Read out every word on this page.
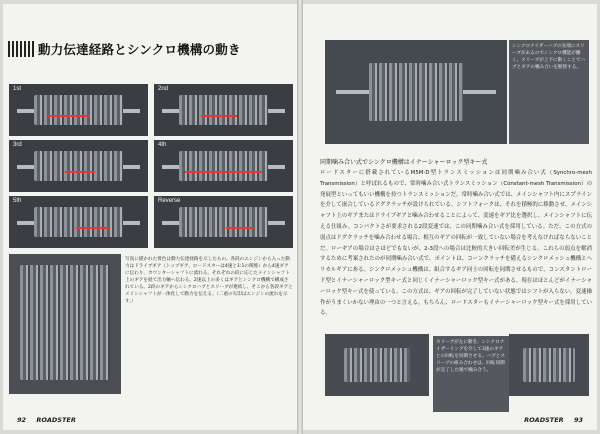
動力伝達経路とシンクロ機構の動き
1st	2nd
3rd	4th
5th	Reverse
写真に描かれた黄色は動力伝達経路を示したもの。各段のエンジンから入った動力はドライブギア（トップギア、ロードスターは4速と1:1の関係）から4速ギアに伝わり、カウンターシャフトに流れる。それぞれの段に応じたメインシャフト上のギアを経て出力軸へ伝わる。2速以上の多くはギアとシンクロ機構で構成されている。2段のギアからシンクロハブとスリーブが連結し、そこから各段ギアとメインシャフトが一体化して動力を伝える。（二重の矢印はエンジンの流れを示す。）
92 ROADSTER
シンクロナイザーハブの先端にスリーブがあるのでシンクロ機能が働く。スリーブが上下に動くことでハブとギアの噛み合いを断接する。
同期噛み合い式でシンクロ機構はイナーシャーロック型キー式
ロードスターに搭載されているM5M-D型トランスミッションは同期噛み合い式（Synchro-mesh Transmission）と呼ばれるもので、常時噛み合い式トランスミッション（Constant-mesh Transmission）の発展型といってもいい機構を持つトランスミッションだ。常時噛み合い式では、メインシャフト内にスプラインを介して嵌合しているドグクラッチが設けられている。シフトフォークは、それを積極的に移動させ、メインシャフト上のギアまたはドライブギアと噛み合わせることによって、変速をギア比を選択し、メインシャフトに伝える仕組み。コンパクトさが要求される2段変速では、この同期噛み合い式を採用している。ただ、この方式の弱点はドグクラッチを噛み合わせる場合、相互のギアの回転が一致していない場合を考えなければならないことだ。ローギアの場合はさほどでもないが、2-3段への場合は比較的大きい回転差が生じる。これらの弱点を解消するために考案されたのが同期噛み合い式で、ポイントは、コーンクラッチを備えるシンクロメッシュ機構とヘリカルギアにある。シンクロメッシュ機構は、組合するギア同士の回転を同期させるもので、コンスタントロード型とイナーシャーロック型キー式と同じくイナーシャーロック型キー式がある。現在はほとんどがイナーシャーロック型キー式を使っている。この方式は、ギアの回転が完了していない状態ではシフトが入らない。変速操作がうまくいかない理由の一つと言える。もちろん、ロードスターもイナーシャーロック型キー式を採用している。
スリーブが左に動き、シンクロナイザーリングを介して3速のギアとの回転を同期させる。ハブとスリーブの組み合わせは、回転同期が完了した後で噛み合う。
ROADSTER 93
